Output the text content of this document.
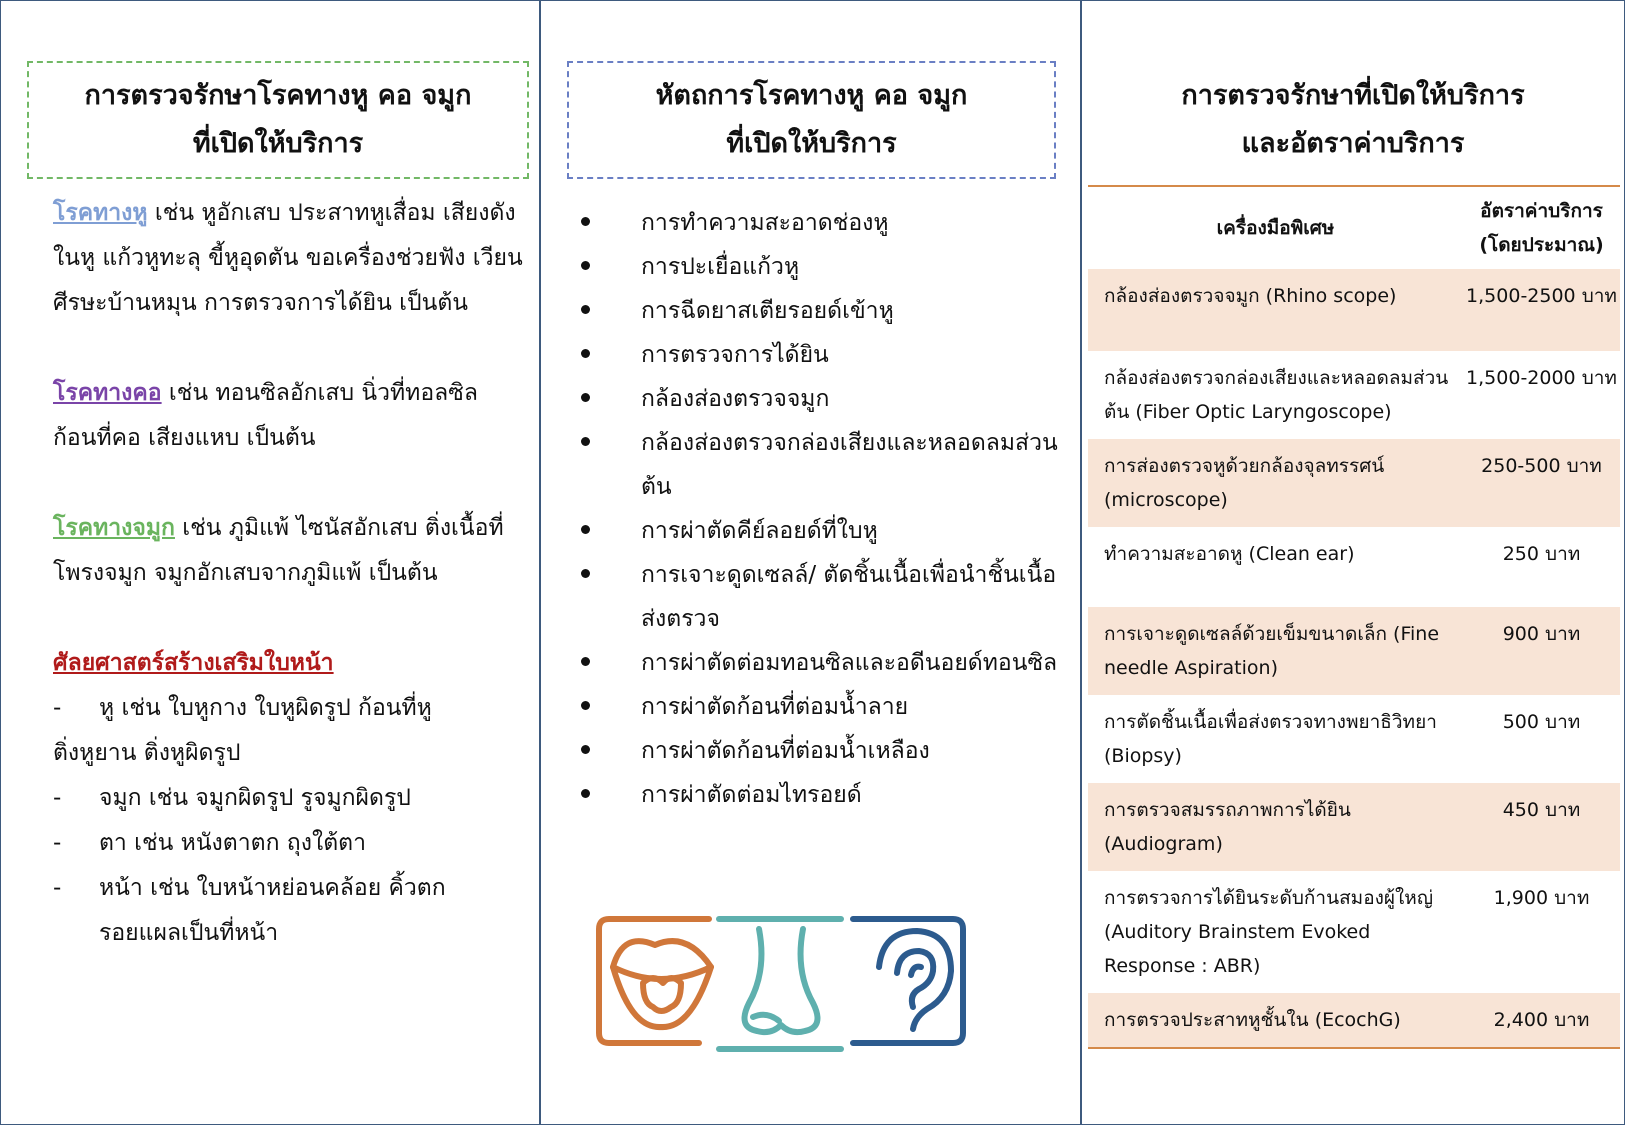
การตรวจรักษาโรคทางหู คอ จมูก
ที่เปิดให้บริการ
โรคทางหู เช่น หูอักเสบ ประสาทหูเสื่อม เสียงดังในหู แก้วหูทะลุ ขี้หูอุดตัน ขอเครื่องช่วยฟัง เวียนศีรษะบ้านหมุน การตรวจการได้ยิน เป็นต้น
โรคทางคอ เช่น ทอนซิลอักเสบ นิ่วที่ทอลซิล ก้อนที่คอ เสียงแหบ เป็นต้น
โรคทางจมูก เช่น ภูมิแพ้ ไซนัสอักเสบ ติ่งเนื้อที่โพรงจมูก จมูกอักเสบจากภูมิแพ้ เป็นต้น
ศัลยศาสตร์สร้างเสริมใบหน้า
-	หู เช่น ใบหูกาง ใบหูผิดรูป ก้อนที่หู
ติ่งหูยาน ติ่งหูผิดรูป
-	จมูก เช่น จมูกผิดรูป รูจมูกผิดรูป
-	ตา เช่น หนังตาตก ถุงใต้ตา
-	หน้า เช่น ใบหน้าหย่อนคล้อย คิ้วตก
รอยแผลเป็นที่หน้า
หัตถการโรคทางหู คอ จมูก
ที่เปิดให้บริการ
การทำความสะอาดช่องหู
การปะเยื่อแก้วหู
การฉีดยาสเตียรอยด์เข้าหู
การตรวจการได้ยิน
กล้องส่องตรวจจมูก
กล้องส่องตรวจกล่องเสียงและหลอดลมส่วนต้น
การผ่าตัดคีย์ลอยด์ที่ใบหู
การเจาะดูดเซลล์/ ตัดชิ้นเนื้อเพื่อนำชิ้นเนื้อส่งตรวจ
การผ่าตัดต่อมทอนซิลและอดีนอยด์ทอนซิล
การผ่าตัดก้อนที่ต่อมน้ำลาย
การผ่าตัดก้อนที่ต่อมน้ำเหลือง
การผ่าตัดต่อมไทรอยด์
การตรวจรักษาที่เปิดให้บริการ
และอัตราค่าบริการ
เครื่องมือพิเศษ	อัตราค่าบริการ
(โดยประมาณ)

กล้องส่องตรวจจมูก (Rhino scope)	1,500-2500 บาท
กล้องส่องตรวจกล่องเสียงและหลอดลมส่วนต้น (Fiber Optic Laryngoscope)	1,500-2000 บาท
การส่องตรวจหูด้วยกล้องจุลทรรศน์ (microscope)	250-500 บาท
ทำความสะอาดหู (Clean ear)	250 บาท
การเจาะดูดเซลล์ด้วยเข็มขนาดเล็ก (Fine needle Aspiration)	900 บาท
การตัดชิ้นเนื้อเพื่อส่งตรวจทางพยาธิวิทยา (Biopsy)	500 บาท
การตรวจสมรรถภาพการได้ยิน (Audiogram)	450 บาท
การตรวจการได้ยินระดับก้านสมองผู้ใหญ่ (Auditory Brainstem Evoked Response : ABR)	1,900 บาท
การตรวจประสาทหูชั้นใน (EcochG)	2,400 บาท
